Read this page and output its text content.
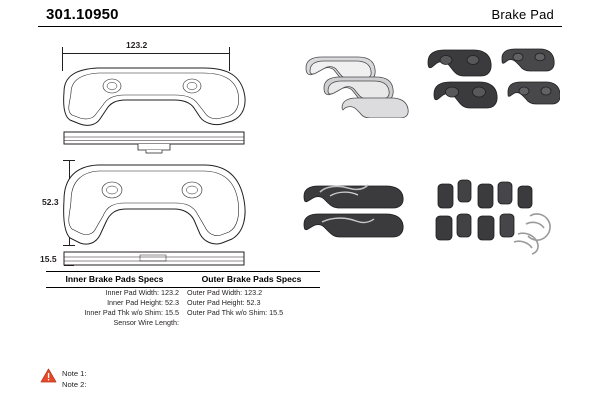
301.10950	Brake Pad
123.2
52.3
15.5
Inner Brake Pads Specs
Inner Pad Width: 123.2
Inner Pad Height: 52.3
Inner Pad Thk w/o Shim: 15.5
Sensor Wire Length:
Outer Brake Pads Specs
Outer Pad Width: 123.2
Outer Pad Height: 52.3
Outer Pad Thk w/o Shim: 15.5
Note 1:
Note 2:
